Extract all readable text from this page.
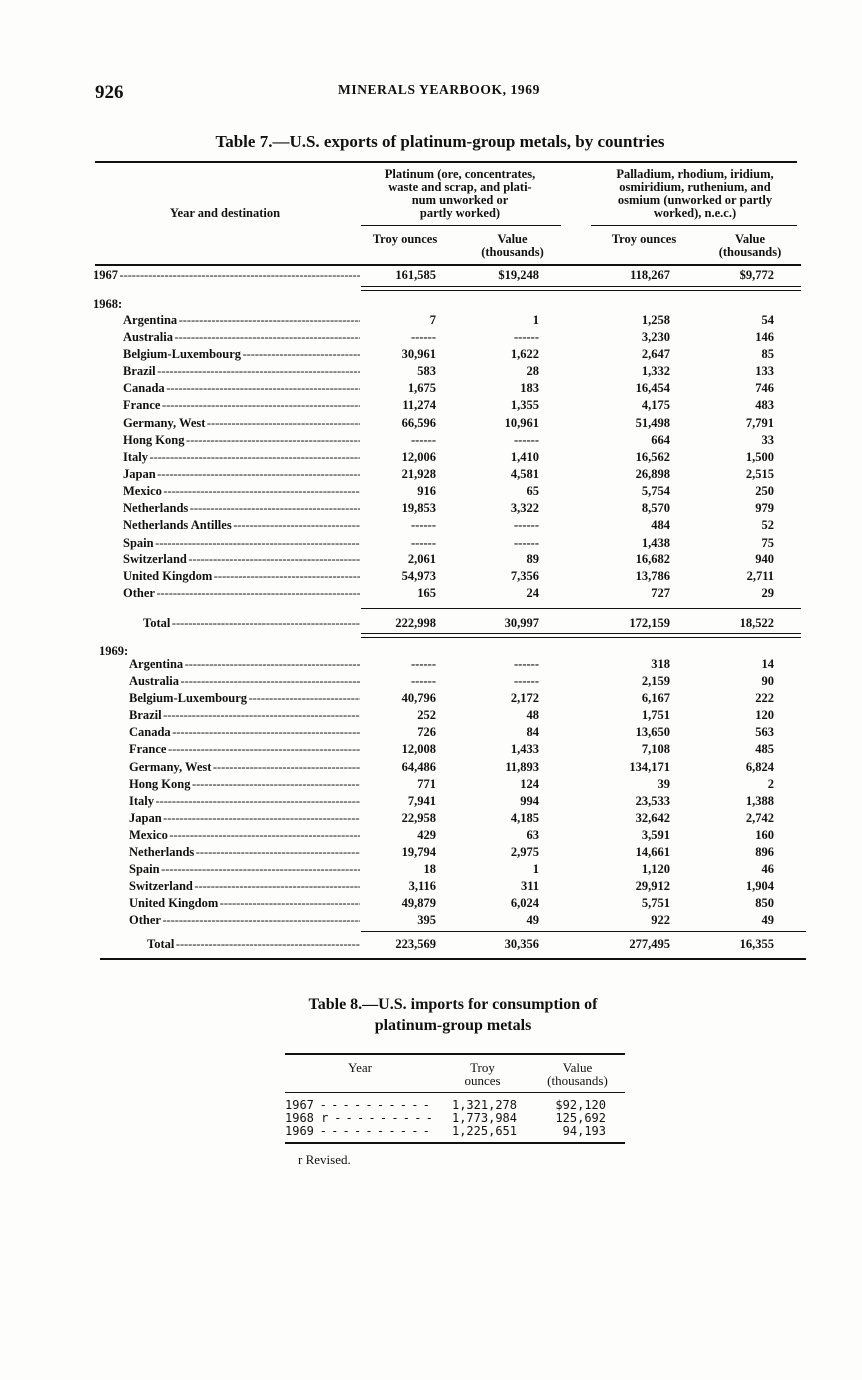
926	MINERALS YEARBOOK, 1969
Table 7.—U.S. exports of platinum-group metals, by countries
Year and destination
Platinum (ore, concentrates,
waste and scrap, and plati-
num unworked or
partly worked)
Palladium, rhodium, iridium,
osmiridium, ruthenium, and
osmium (unworked or partly
worked), n.e.c.)
Troy ounces	Value
(thousands)
Troy ounces	Value
(thousands)
1967 - - -	161,585	$19,248	118,267	$9,772
1968:
Argentina - - -	7	1	1,258	54
Australia - - -	------	------	3,230	146
Belgium-Luxembourg - - -	30,961	1,622	2,647	85
Brazil - - -	583	28	1,332	133
Canada - - -	1,675	183	16,454	746
France - - -	11,274	1,355	4,175	483
Germany, West - - -	66,596	10,961	51,498	7,791
Hong Kong - - -	------	------	664	33
Italy - - -	12,006	1,410	16,562	1,500
Japan - - -	21,928	4,581	26,898	2,515
Mexico - - -	916	65	5,754	250
Netherlands - - -	19,853	3,322	8,570	979
Netherlands Antilles - - -	------	------	484	52
Spain - - -	------	------	1,438	75
Switzerland - - -	2,061	89	16,682	940
United Kingdom - - -	54,973	7,356	13,786	2,711
Other - - -	165	24	727	29
Total - - -	222,998	30,997	172,159	18,522
1969:
Argentina - - -	------	------	318	14
Australia - - -	------	------	2,159	90
Belgium-Luxembourg - - -	40,796	2,172	6,167	222
Brazil - - -	252	48	1,751	120
Canada - - -	726	84	13,650	563
France - - -	12,008	1,433	7,108	485
Germany, West - - -	64,486	11,893	134,171	6,824
Hong Kong - - -	771	124	39	2
Italy - - -	7,941	994	23,533	1,388
Japan - - -	22,958	4,185	32,642	2,742
Mexico - - -	429	63	3,591	160
Netherlands - - -	19,794	2,975	14,661	896
Spain - - -	18	1	1,120	46
Switzerland - - -	3,116	311	29,912	1,904
United Kingdom - - -	49,879	6,024	5,751	850
Other - - -	395	49	922	49
Total - - -	223,569	30,356	277,495	16,355
Table 8.—U.S. imports for consumption of
platinum-group metals
Year	Troy
ounces
Value
(thousands)
1967 - - -	1,321,278	$92,120
1968 r - - -	1,773,984	125,692
1969 - - -	1,225,651	94,193
r Revised.
